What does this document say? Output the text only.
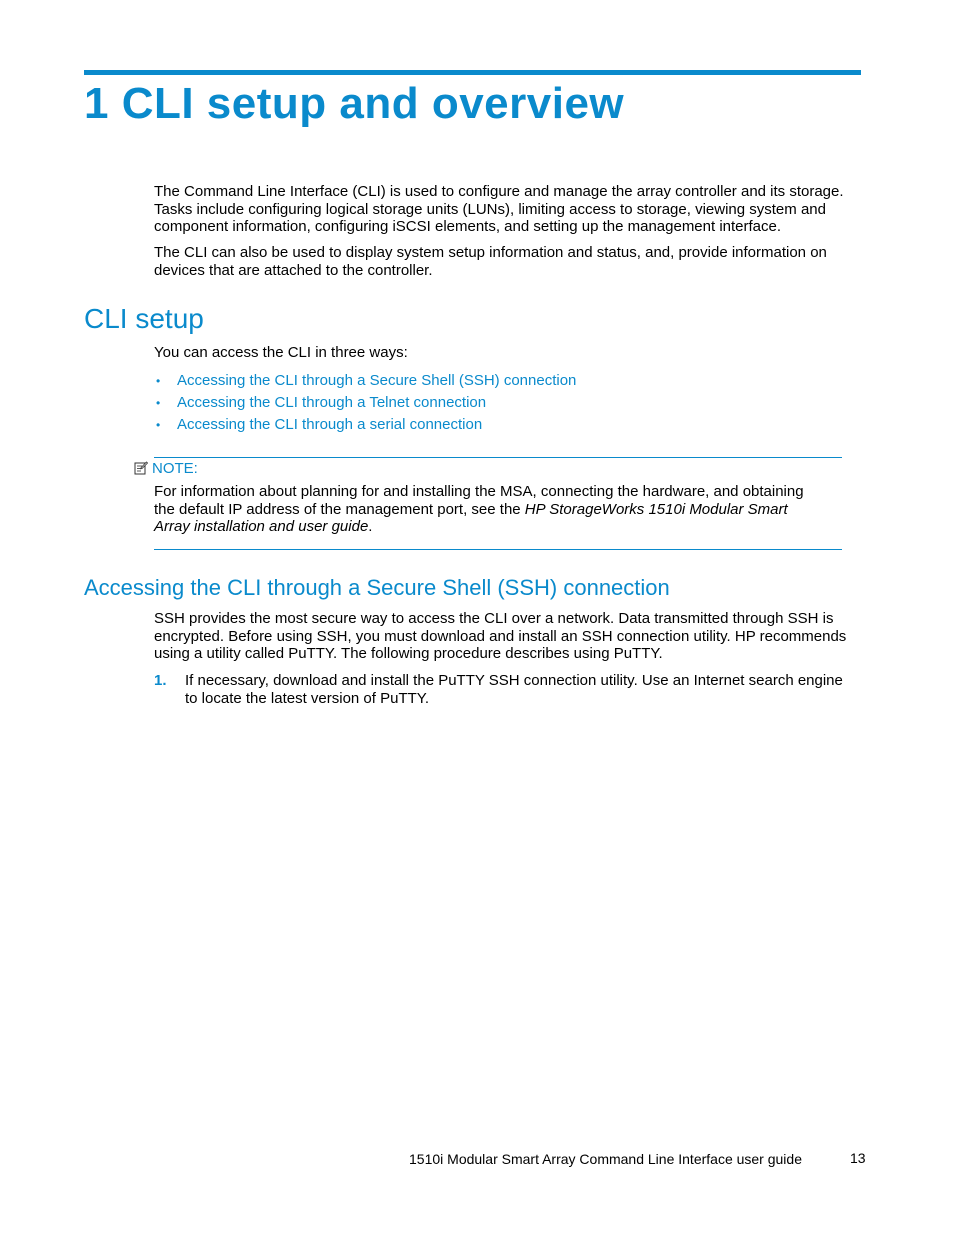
1 CLI setup and overview

The Command Line Interface (CLI) is used to configure and manage the array controller and its storage. Tasks include configuring logical storage units (LUNs), limiting access to storage, viewing system and component information, configuring iSCSI elements, and setting up the management interface.

The CLI can also be used to display system setup information and status, and, provide information on devices that are attached to the controller.

CLI setup

You can access the CLI in three ways:

• Accessing the CLI through a Secure Shell (SSH) connection
• Accessing the CLI through a Telnet connection
• Accessing the CLI through a serial connection
NOTE:

For information about planning for and installing the MSA, connecting the hardware, and obtaining the default IP address of the management port, see the HP StorageWorks 1510i Modular Smart Array installation and user guide.

Accessing the CLI through a Secure Shell (SSH) connection

SSH provides the most secure way to access the CLI over a network. Data transmitted through SSH is encrypted. Before using SSH, you must download and install an SSH connection utility. HP recommends using a utility called PuTTY. The following procedure describes using PuTTY.

1. If necessary, download and install the PuTTY SSH connection utility. Use an Internet search engine to locate the latest version of PuTTY.
1510i Modular Smart Array Command Line Interface user guide	13
